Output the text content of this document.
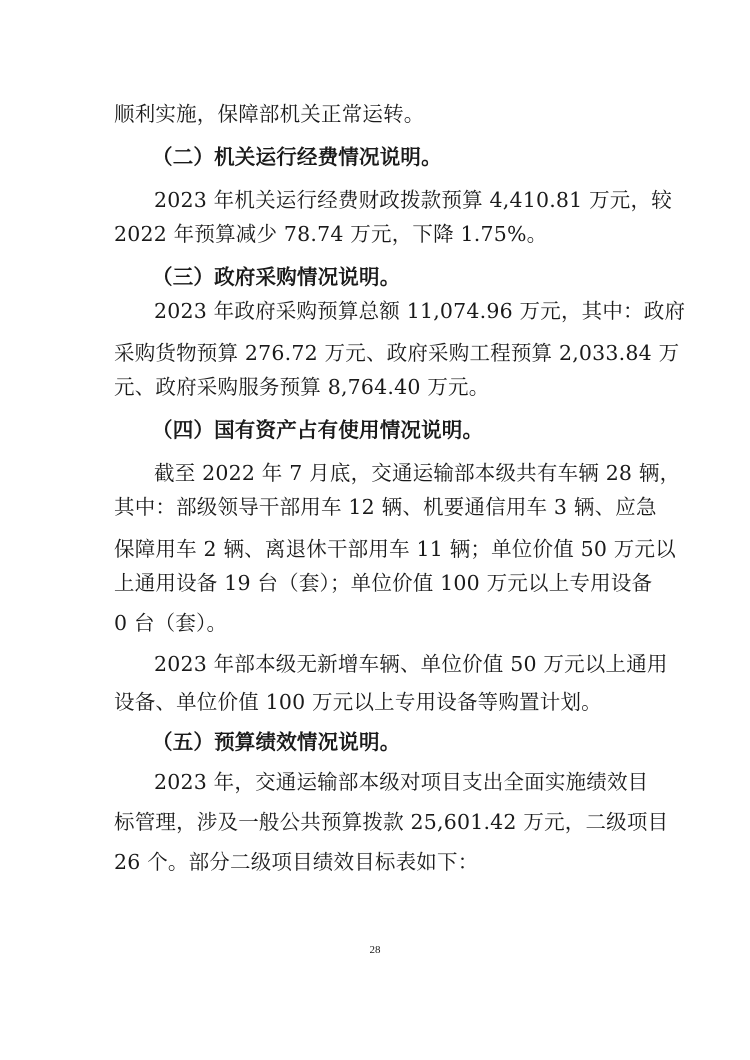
顺利实施，保障部机关正常运转。
（二）机关运行经费情况说明。
2023 年机关运行经费财政拨款预算 4,410.81 万元，较
2022 年预算减少 78.74 万元，下降 1.75%。
（三）政府采购情况说明。
2023 年政府采购预算总额 11,074.96 万元，其中：政府
采购货物预算 276.72 万元、政府采购工程预算 2,033.84 万
元、政府采购服务预算 8,764.40 万元。
（四）国有资产占有使用情况说明。
截至 2022 年 7 月底，交通运输部本级共有车辆 28 辆，
其中：部级领导干部用车 12 辆、机要通信用车 3 辆、应急
保障用车 2 辆、离退休干部用车 11 辆；单位价值 50 万元以
上通用设备 19 台（套）；单位价值 100 万元以上专用设备
0 台（套）。
2023 年部本级无新增车辆、单位价值 50 万元以上通用
设备、单位价值 100 万元以上专用设备等购置计划。
（五）预算绩效情况说明。
2023 年，交通运输部本级对项目支出全面实施绩效目
标管理，涉及一般公共预算拨款 25,601.42 万元，二级项目
26 个。部分二级项目绩效目标表如下：
28
